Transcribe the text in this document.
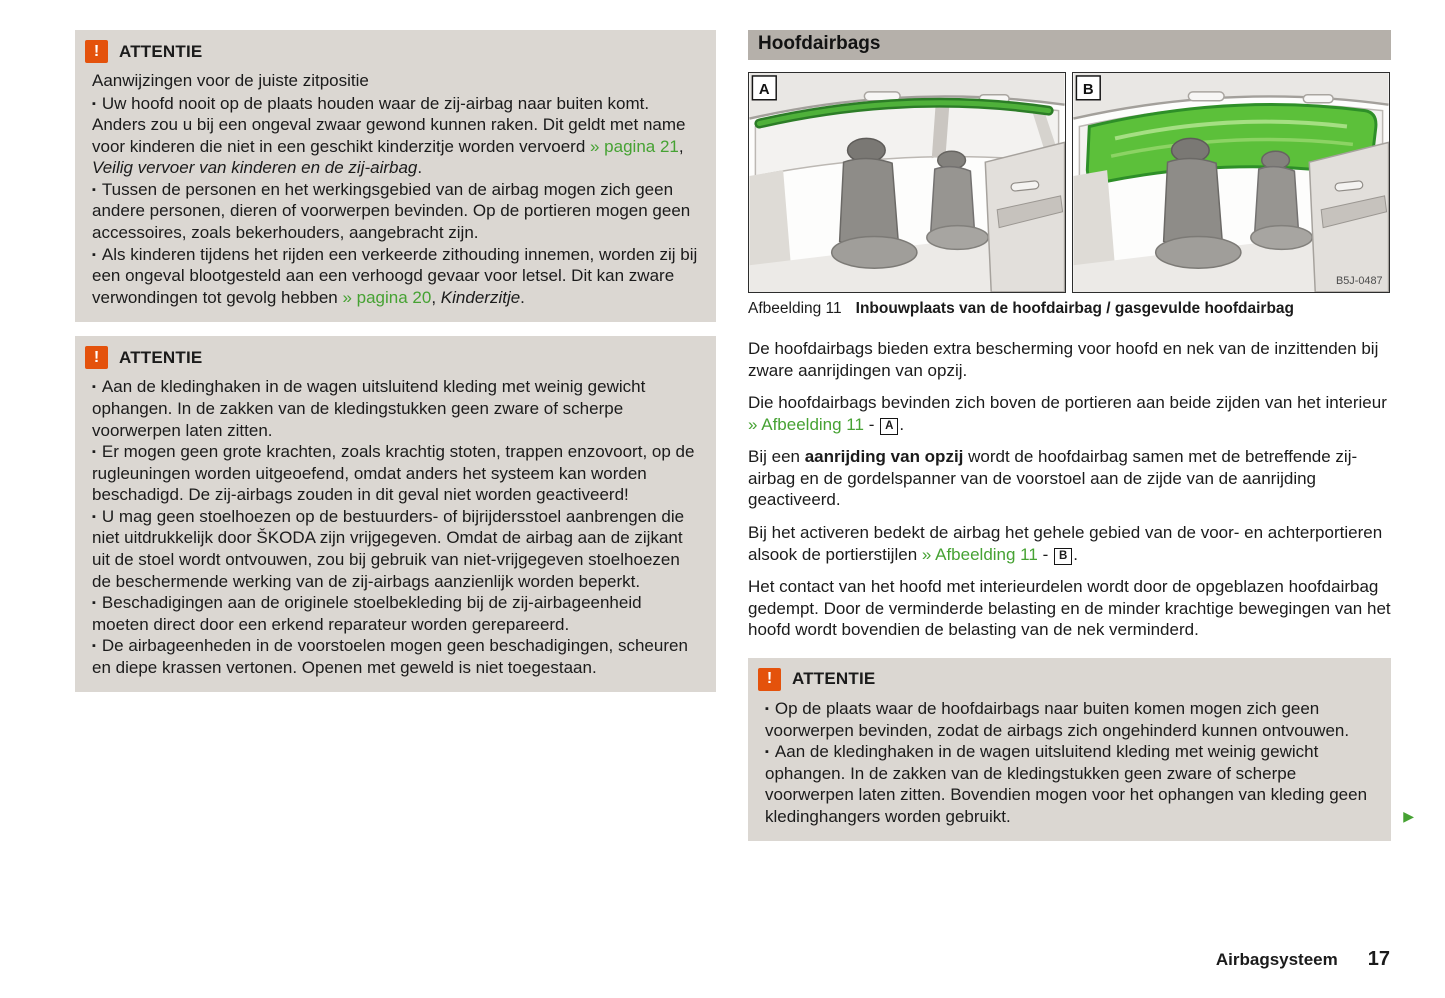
!	ATTENTIE
Aanwijzingen voor de juiste zitpositie
▪ Uw hoofd nooit op de plaats houden waar de zij-airbag naar buiten komt. Anders zou u bij een ongeval zwaar gewond kunnen raken. Dit geldt met name voor kinderen die niet in een geschikt kinderzitje worden vervoerd » pagina 21, Veilig vervoer van kinderen en de zij-airbag.
▪ Tussen de personen en het werkingsgebied van de airbag mogen zich geen andere personen, dieren of voorwerpen bevinden. Op de portieren mogen geen accessoires, zoals bekerhouders, aangebracht zijn.
▪ Als kinderen tijdens het rijden een verkeerde zithouding innemen, worden zij bij een ongeval blootgesteld aan een verhoogd gevaar voor letsel. Dit kan zware verwondingen tot gevolg hebben » pagina 20, Kinderzitje.
!	ATTENTIE
▪ Aan de kledinghaken in de wagen uitsluitend kleding met weinig gewicht ophangen. In de zakken van de kledingstukken geen zware of scherpe voorwerpen laten zitten.
▪ Er mogen geen grote krachten, zoals krachtig stoten, trappen enzovoort, op de rugleuningen worden uitgeoefend, omdat anders het systeem kan worden beschadigd. De zij-airbags zouden in dit geval niet worden geactiveerd!
▪ U mag geen stoelhoezen op de bestuurders- of bijrijdersstoel aanbrengen die niet uitdrukkelijk door ŠKODA zijn vrijgegeven. Omdat de airbag aan de zijkant uit de stoel wordt ontvouwen, zou bij gebruik van niet-vrijgegeven stoelhoezen de beschermende werking van de zij-airbags aanzienlijk worden beperkt.
▪ Beschadigingen aan de originele stoelbekleding bij de zij-airbageenheid moeten direct door een erkend reparateur worden gerepareerd.
▪ De airbageenheden in de voorstoelen mogen geen beschadigingen, scheuren en diepe krassen vertonen. Openen met geweld is niet toegestaan.
Hoofdairbags
A	B
B5J-0487
Afbeelding 11 Inbouwplaats van de hoofdairbag / gasgevulde hoofdairbag
De hoofdairbags bieden extra bescherming voor hoofd en nek van de inzittenden bij zware aanrijdingen van opzij.
Die hoofdairbags bevinden zich boven de portieren aan beide zijden van het interieur » Afbeelding 11 - A .
Bij een aanrijding van opzij wordt de hoofdairbag samen met de betreffende zij-airbag en de gordelspanner van de voorstoel aan de zijde van de aanrijding geactiveerd.
Bij het activeren bedekt de airbag het gehele gebied van de voor- en achterportieren alsook de portierstijlen » Afbeelding 11 - B .
Het contact van het hoofd met interieurdelen wordt door de opgeblazen hoofdairbag gedempt. Door de verminderde belasting en de minder krachtige bewegingen van het hoofd wordt bovendien de belasting van de nek verminderd.
!	ATTENTIE
▪ Op de plaats waar de hoofdairbags naar buiten komen mogen zich geen voorwerpen bevinden, zodat de airbags zich ongehinderd kunnen ontvouwen.
▪ Aan de kledinghaken in de wagen uitsluitend kleding met weinig gewicht ophangen. In de zakken van de kledingstukken geen zware of scherpe voorwerpen laten zitten. Bovendien mogen voor het ophangen van kleding geen kledinghangers worden gebruikt.	▶
Airbagsysteem 17
